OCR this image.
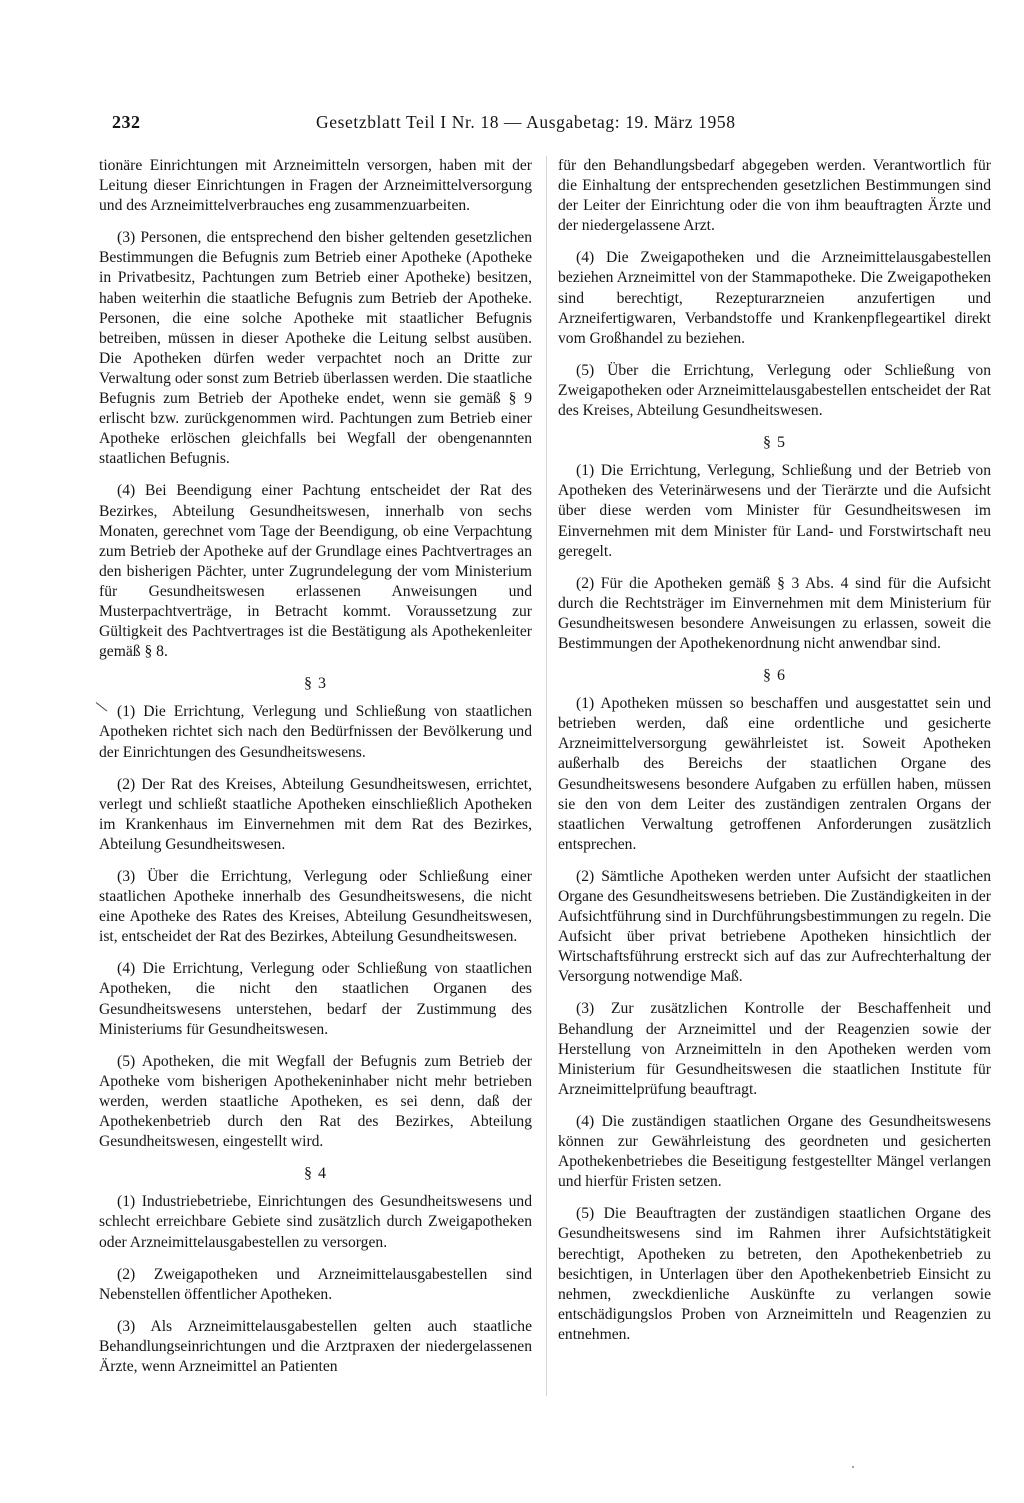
232	Gesetzblatt Teil I Nr. 18 — Ausgabetag: 19. März 1958

tionäre Einrichtungen mit Arzneimitteln versorgen, haben mit der Leitung dieser Einrichtungen in Fragen der Arzneimittelversorgung und des Arzneimittelverbrauches eng zusammenzuarbeiten.

(3) Personen, die entsprechend den bisher geltenden gesetzlichen Bestimmungen die Befugnis zum Betrieb einer Apotheke (Apotheke in Privatbesitz, Pachtungen zum Betrieb einer Apotheke) besitzen, haben weiterhin die staatliche Befugnis zum Betrieb der Apotheke. Personen, die eine solche Apotheke mit staatlicher Befugnis betreiben, müssen in dieser Apotheke die Leitung selbst ausüben. Die Apotheken dürfen weder verpachtet noch an Dritte zur Verwaltung oder sonst zum Betrieb überlassen werden. Die staatliche Befugnis zum Betrieb der Apotheke endet, wenn sie gemäß § 9 erlischt bzw. zurückgenommen wird. Pachtungen zum Betrieb einer Apotheke erlöschen gleichfalls bei Wegfall der obengenannten staatlichen Befugnis.

(4) Bei Beendigung einer Pachtung entscheidet der Rat des Bezirkes, Abteilung Gesundheitswesen, innerhalb von sechs Monaten, gerechnet vom Tage der Beendigung, ob eine Verpachtung zum Betrieb der Apotheke auf der Grundlage eines Pachtvertrages an den bisherigen Pächter, unter Zugrundelegung der vom Ministerium für Gesundheitswesen erlassenen Anweisungen und Musterpachtverträge, in Betracht kommt. Voraussetzung zur Gültigkeit des Pachtvertrages ist die Bestätigung als Apothekenleiter gemäß § 8.

§ 3

(1) Die Errichtung, Verlegung und Schließung von staatlichen Apotheken richtet sich nach den Bedürfnissen der Bevölkerung und der Einrichtungen des Gesundheitswesens.

(2) Der Rat des Kreises, Abteilung Gesundheitswesen, errichtet, verlegt und schließt staatliche Apotheken einschließlich Apotheken im Krankenhaus im Einvernehmen mit dem Rat des Bezirkes, Abteilung Gesundheitswesen.

(3) Über die Errichtung, Verlegung oder Schließung einer staatlichen Apotheke innerhalb des Gesundheitswesens, die nicht eine Apotheke des Rates des Kreises, Abteilung Gesundheitswesen, ist, entscheidet der Rat des Bezirkes, Abteilung Gesundheitswesen.

(4) Die Errichtung, Verlegung oder Schließung von staatlichen Apotheken, die nicht den staatlichen Organen des Gesundheitswesens unterstehen, bedarf der Zustimmung des Ministeriums für Gesundheitswesen.

(5) Apotheken, die mit Wegfall der Befugnis zum Betrieb der Apotheke vom bisherigen Apothekeninhaber nicht mehr betrieben werden, werden staatliche Apotheken, es sei denn, daß der Apothekenbetrieb durch den Rat des Bezirkes, Abteilung Gesundheitswesen, eingestellt wird.

§ 4

(1) Industriebetriebe, Einrichtungen des Gesundheitswesens und schlecht erreichbare Gebiete sind zusätzlich durch Zweigapotheken oder Arzneimittelausgabestellen zu versorgen.

(2) Zweigapotheken und Arzneimittelausgabestellen sind Nebenstellen öffentlicher Apotheken.

(3) Als Arzneimittelausgabestellen gelten auch staatliche Behandlungseinrichtungen und die Arztpraxen der niedergelassenen Ärzte, wenn Arzneimittel an Patienten

für den Behandlungsbedarf abgegeben werden. Verantwortlich für die Einhaltung der entsprechenden gesetzlichen Bestimmungen sind der Leiter der Einrichtung oder die von ihm beauftragten Ärzte und der niedergelassene Arzt.

(4) Die Zweigapotheken und die Arzneimittelausgabestellen beziehen Arzneimittel von der Stammapotheke. Die Zweigapotheken sind berechtigt, Rezepturarzneien anzufertigen und Arzneifertigwaren, Verbandstoffe und Krankenpflegeartikel direkt vom Großhandel zu beziehen.

(5) Über die Errichtung, Verlegung oder Schließung von Zweigapotheken oder Arzneimittelausgabestellen entscheidet der Rat des Kreises, Abteilung Gesundheitswesen.

§ 5

(1) Die Errichtung, Verlegung, Schließung und der Betrieb von Apotheken des Veterinärwesens und der Tierärzte und die Aufsicht über diese werden vom Minister für Gesundheitswesen im Einvernehmen mit dem Minister für Land- und Forstwirtschaft neu geregelt.

(2) Für die Apotheken gemäß § 3 Abs. 4 sind für die Aufsicht durch die Rechtsträger im Einvernehmen mit dem Ministerium für Gesundheitswesen besondere Anweisungen zu erlassen, soweit die Bestimmungen der Apothekenordnung nicht anwendbar sind.

§ 6

(1) Apotheken müssen so beschaffen und ausgestattet sein und betrieben werden, daß eine ordentliche und gesicherte Arzneimittelversorgung gewährleistet ist. Soweit Apotheken außerhalb des Bereichs der staatlichen Organe des Gesundheitswesens besondere Aufgaben zu erfüllen haben, müssen sie den von dem Leiter des zuständigen zentralen Organs der staatlichen Verwaltung getroffenen Anforderungen zusätzlich entsprechen.

(2) Sämtliche Apotheken werden unter Aufsicht der staatlichen Organe des Gesundheitswesens betrieben. Die Zuständigkeiten in der Aufsichtführung sind in Durchführungsbestimmungen zu regeln. Die Aufsicht über privat betriebene Apotheken hinsichtlich der Wirtschaftsführung erstreckt sich auf das zur Aufrechterhaltung der Versorgung notwendige Maß.

(3) Zur zusätzlichen Kontrolle der Beschaffenheit und Behandlung der Arzneimittel und der Reagenzien sowie der Herstellung von Arzneimitteln in den Apotheken werden vom Ministerium für Gesundheitswesen die staatlichen Institute für Arzneimittelprüfung beauftragt.

(4) Die zuständigen staatlichen Organe des Gesundheitswesens können zur Gewährleistung des geordneten und gesicherten Apothekenbetriebes die Beseitigung festgestellter Mängel verlangen und hierfür Fristen setzen.

(5) Die Beauftragten der zuständigen staatlichen Organe des Gesundheitswesens sind im Rahmen ihrer Aufsichtstätigkeit berechtigt, Apotheken zu betreten, den Apothekenbetrieb zu besichtigen, in Unterlagen über den Apothekenbetrieb Einsicht zu nehmen, zweckdienliche Auskünfte zu verlangen sowie entschädigungslos Proben von Arzneimitteln und Reagenzien zu entnehmen.
